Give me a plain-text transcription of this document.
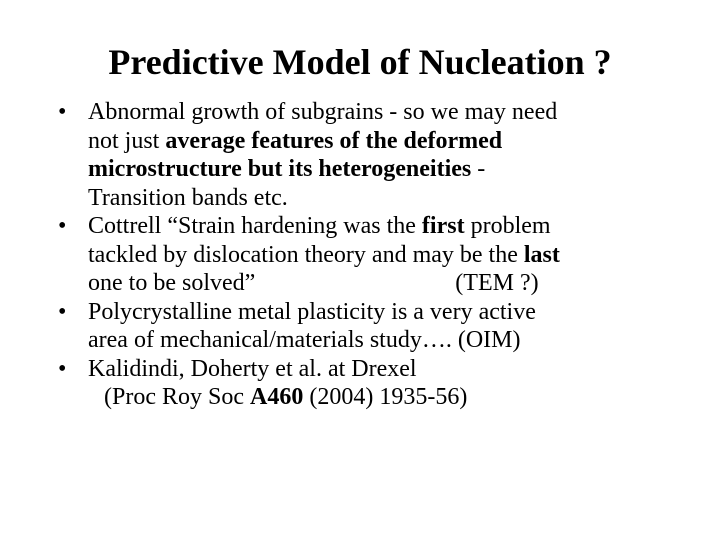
Predictive Model of Nucleation ?
• Abnormal growth of subgrains - so we may need
not just average features of the deformed
microstructure but its heterogeneities -
Transition bands etc.
• Cottrell “Strain hardening was the first problem
tackled by dislocation theory and may be the last
one to be solved”	(TEM ?)
• Polycrystalline metal plasticity is a very active
area of mechanical/materials study…. (OIM)
• Kalidindi, Doherty et al. at Drexel
(Proc Roy Soc A460 (2004) 1935-56)
